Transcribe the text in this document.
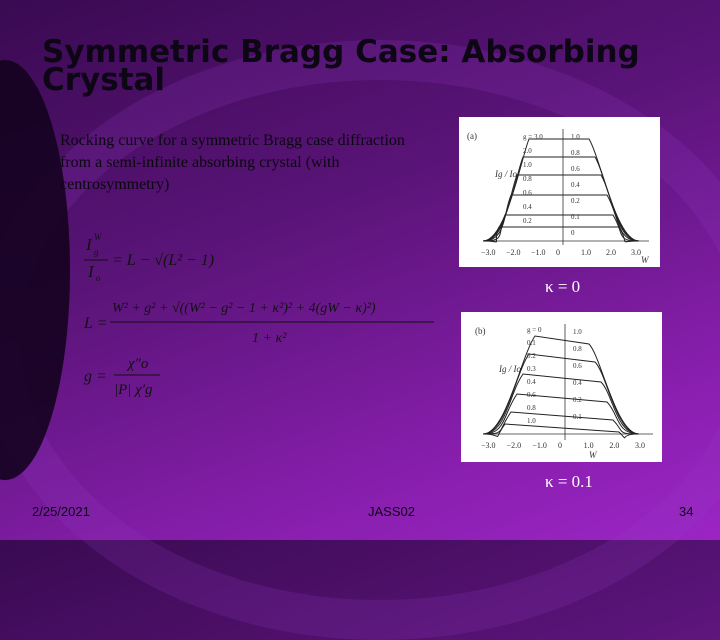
Symmetric Bragg Case: Absorbing Crystal
Rocking curve for a symmetric Bragg case diffraction from a semi-infinite absorbing crystal (with centrosymmetry)
I W
g
I o
= L − √(L² − 1)
L =
W² + g² + √((W² − g² − 1 + κ²)² + 4(gW − κ)²)
1 + κ²
g =
χ″o
|P| χ′g
(a)
Ig / Io
W
−3.0 −2.0 −1.0 0	1.0 2.0 3.0
1.0
0.8
0.6
0.4
0.2
0.1
0
g = 3.0
2.0
1.0
0.8
0.6
0.4
0.2
κ = 0
(b)
Ig / Io
W
−3.0 −2.0 −1.0 0	1.0 2.0 3.0
1.0
0.8
0.6
0.4
0.2
0.1
g = 0
0.1
0.2
0.3
0.4
0.6
0.8
1.0
κ = 0.1
2/25/2021	JASS02	34
